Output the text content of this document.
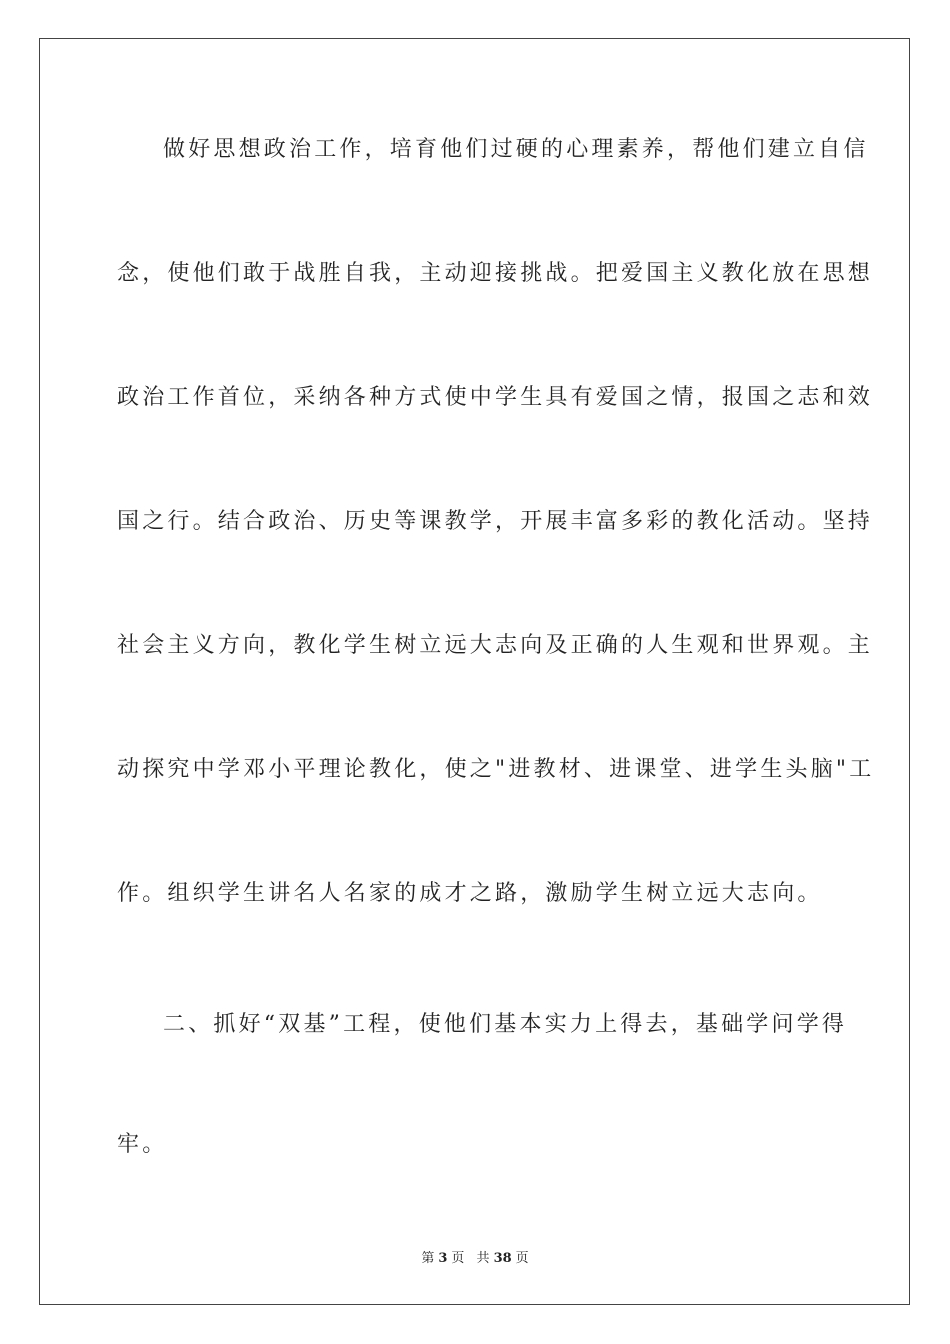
做好思想政治工作，培育他们过硬的心理素养，帮他们建立自信
念，使他们敢于战胜自我，主动迎接挑战。把爱国主义教化放在思想
政治工作首位，采纳各种方式使中学生具有爱国之情，报国之志和效
国之行。结合政治、历史等课教学，开展丰富多彩的教化活动。坚持
社会主义方向，教化学生树立远大志向及正确的人生观和世界观。主
动探究中学邓小平理论教化，使之"进教材、进课堂、进学生头脑"工
作。组织学生讲名人名家的成才之路，激励学生树立远大志向。
二、抓好“双基”工程，使他们基本实力上得去，基础学问学得
牢。
第 3 页 共 38 页
